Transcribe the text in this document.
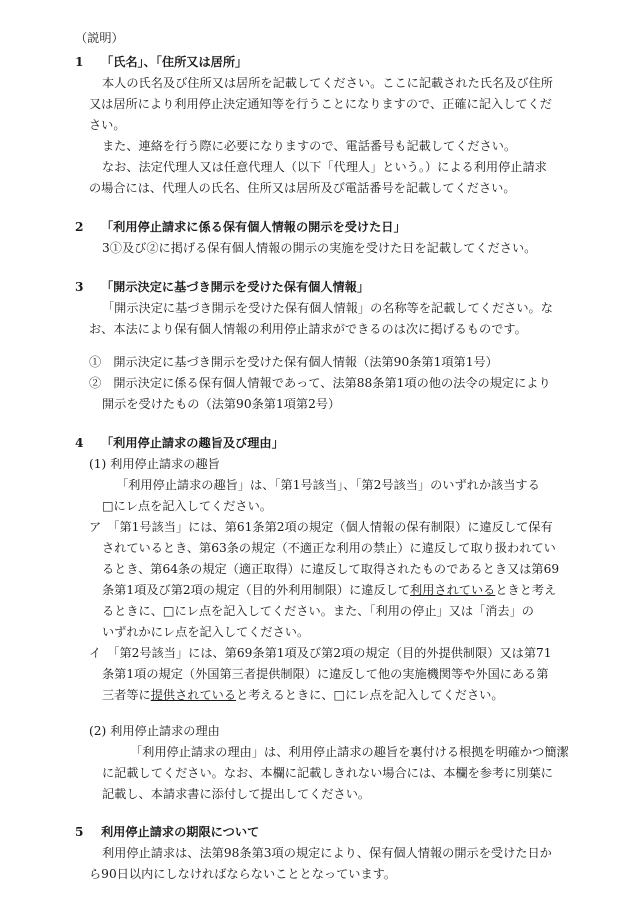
（説明）
1 「氏名」、「住所又は居所」
本人の氏名及び住所又は居所を記載してください。ここに記載された氏名及び住所
又は居所により利用停止決定通知等を行うことになりますので、正確に記入してくだ
さい。
また、連絡を行う際に必要になりますので、電話番号も記載してください。
なお、法定代理人又は任意代理人（以下「代理人」という。）による利用停止請求
の場合には、代理人の氏名、住所又は居所及び電話番号を記載してください。
2 「利用停止請求に係る保有個人情報の開示を受けた日」
3①及び②に掲げる保有個人情報の開示の実施を受けた日を記載してください。
3 「開示決定に基づき開示を受けた保有個人情報」
「開示決定に基づき開示を受けた保有個人情報」の名称等を記載してください。な
お、本法により保有個人情報の利用停止請求ができるのは次に掲げるものです。
①　開示決定に基づき開示を受けた保有個人情報（法第90条第1項第1号）
②　開示決定に係る保有個人情報であって、法第88条第1項の他の法令の規定により
開示を受けたもの（法第90条第1項第2号）
4 「利用停止請求の趣旨及び理由」
(1) 利用停止請求の趣旨
「利用停止請求の趣旨」は、「第1号該当」、「第2号該当」のいずれか該当する
□にレ点を記入してください。
ア　「第1号該当」には、第61条第2項の規定（個人情報の保有制限）に違反して保有
されているとき、第63条の規定（不適正な利用の禁止）に違反して取り扱われてい
るとき、第64条の規定（適正取得）に違反して取得されたものであるとき又は第69
条第1項及び第2項の規定（目的外利用制限）に違反して利用されているときと考え
るときに、□にレ点を記入してください。また、「利用の停止」又は「消去」の
いずれかにレ点を記入してください。
イ　「第2号該当」には、第69条第1項及び第2項の規定（目的外提供制限）又は第71
条第1項の規定（外国第三者提供制限）に違反して他の実施機関等や外国にある第
三者等に提供されていると考えるときに、□にレ点を記入してください。
(2) 利用停止請求の理由
「利用停止請求の理由」は、利用停止請求の趣旨を裏付ける根拠を明確かつ簡潔
に記載してください。なお、本欄に記載しきれない場合には、本欄を参考に別葉に
記載し、本請求書に添付して提出してください。
5 利用停止請求の期限について
利用停止請求は、法第98条第3項の規定により、保有個人情報の開示を受けた日か
ら90日以内にしなければならないこととなっています。
